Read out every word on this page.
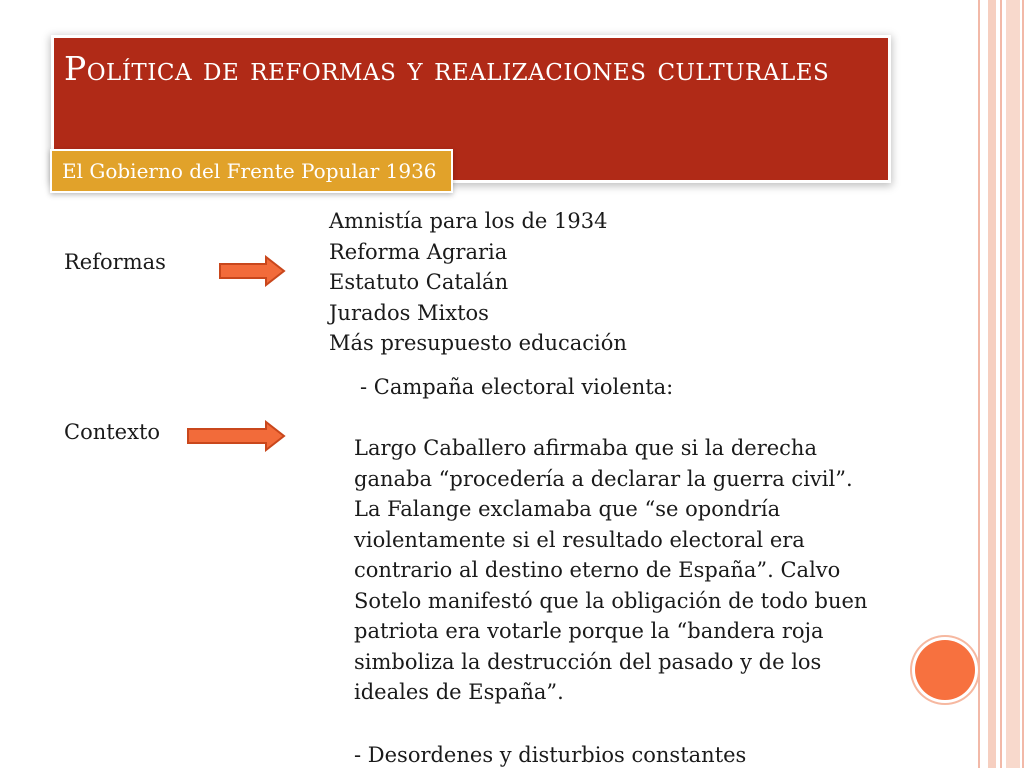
Política de reformas y realizaciones culturales
El Gobierno del Frente Popular 1936
Reformas
Amnistía para los de 1934
Reforma Agraria
Estatuto Catalán
Jurados Mixtos
Más presupuesto educación
Contexto
- Campaña electoral violenta:
Largo Caballero afirmaba que si la derecha
ganaba “procedería a declarar la guerra civil”.
La Falange exclamaba que “se opondría
violentamente si el resultado electoral era
contrario al destino eterno de España”. Calvo
Sotelo manifestó que la obligación de todo buen
patriota era votarle porque la “bandera roja
simboliza la destrucción del pasado y de los
ideales de España”.
- Desordenes y disturbios constantes
